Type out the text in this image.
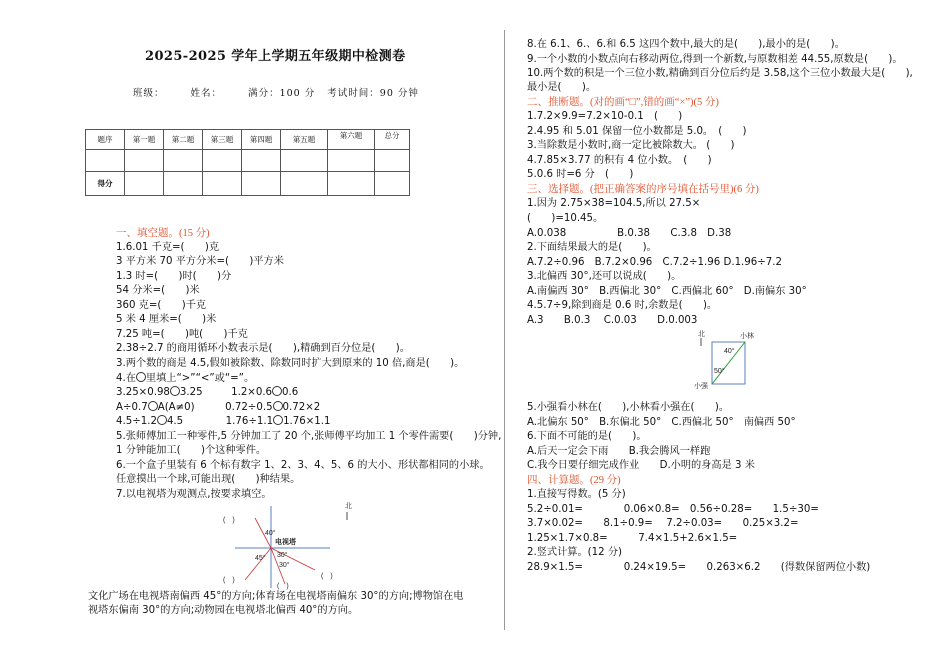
2025-2025 学年上学期五年级期中检测卷
班级：	姓名：	满分：100 分 考试时间：90 分钟
题序	第一题	第二题	第三题	第四题	第五题	第六题	总分

得分							
一、填空题。(15 分)
1.6.01 千克=(　　)克
3 平方米 70 平方分米=(　　)平方米
1.3 时=(　　)时(　　)分
54 分米=(　　)米
360 克=(　　)千克
5 米 4 厘米=(　　)米
7.25 吨=(　　)吨(　　)千克
2.38÷2.7 的商用循环小数表示是(　　),精确到百分位是(　　)。
3.两个数的商是 4.5,假如被除数、除数同时扩大到原来的 10 倍,商是(　　)。
4.在 里填上“>”“<”或“=”。
3.25×0.98 3.25	1.2×0.6 0.6
A÷0.7 A(A≠0)	0.72÷0.5 0.72×2
4.5÷1.2 4.5	1.76÷1.1 1.76×1.1
5.张师傅加工一种零件,5 分钟加工了 20 个,张师傅平均加工 1 个零件需要(　　)分钟,
1 分钟能加工(　　)个这种零件。
6.一个盒子里装有 6 个标有数字 1、2、3、4、5、6 的大小、形状都相同的小球。
任意摸出一个球,可能出现(　　)种结果。
7.以电视塔为观测点,按要求填空。
电视塔
40°
45° 30°
30°
(　)
(　)
(　)
(　)
北
文化广场在电视塔南偏西 45°的方向;体育场在电视塔南偏东 30°的方向;博物馆在电
视塔东偏南 30°的方向;动物园在电视塔北偏西 40°的方向。
8.在 6.1、6.、6.和 6.5 这四个数中,最大的是(　　),最小的是(　　)。
9.一个小数的小数点向右移动两位,得到一个新数,与原数相差 44.55,原数是(　　)。
10.两个数的积是一个三位小数,精确到百分位后约是 3.58,这个三位小数最大是(　　),
最小是(　　)。
二、推断题。(对的画“□”,错的画“×”)(5 分)
1.7.2×9.9=7.2×10-0.1　(　　)
2.4.95 和 5.01 保留一位小数都是 5.0。　(　　)
3.当除数是小数时,商一定比被除数大。 (　　)
4.7.85×3.77 的积有 4 位小数。　(　　)
5.0.6 时=6 分　(　　)
三、选择题。(把正确答案的序号填在括号里)(6 分)
1.因为 2.75×38=104.5,所以 27.5×
(　　)=10.45。
A.0.038　　　　　B.0.38　　C.3.8　D.38
2.下面结果最大的是(　　)。
A.7.2÷0.96　B.7.2×0.96　C.7.2÷1.96 D.1.96÷7.2
3.北偏西 30°,还可以说成(　　)。
A.南偏西 30°　B.西偏北 30°　C.西偏北 60°　D.南偏东 30°
4.5.7÷9,除到商是 0.6 时,余数是(　　)。
A.3　　B.0.3　 C.0.03　　D.0.003
北	小林
小强
40°
50°
5.小强看小林在(　　),小林看小强在(　　)。
A.北偏东 50°　B.东偏北 50°　C.西偏北 50°　南偏西 50°
6.下面不可能的是(　　)。
A.后天一定会下雨　　B.我会腾风一样跑
C.我今日要仔细完成作业　　D.小明的身高是 3 米
四、计算题。(29 分)
1.直接写得数。(5 分)
5.2÷0.01=　　　　0.06×0.8=　0.56÷0.28=　　1.5÷30=
3.7×0.02=　　8.1÷0.9=　 7.2÷0.03=　　0.25×3.2=
1.25×1.7×0.8=　　　7.4×1.5+2.6×1.5=
2.竖式计算。(12 分)
28.9×1.5=　　　　0.24×19.5=　　0.263×6.2　　(得数保留两位小数)
